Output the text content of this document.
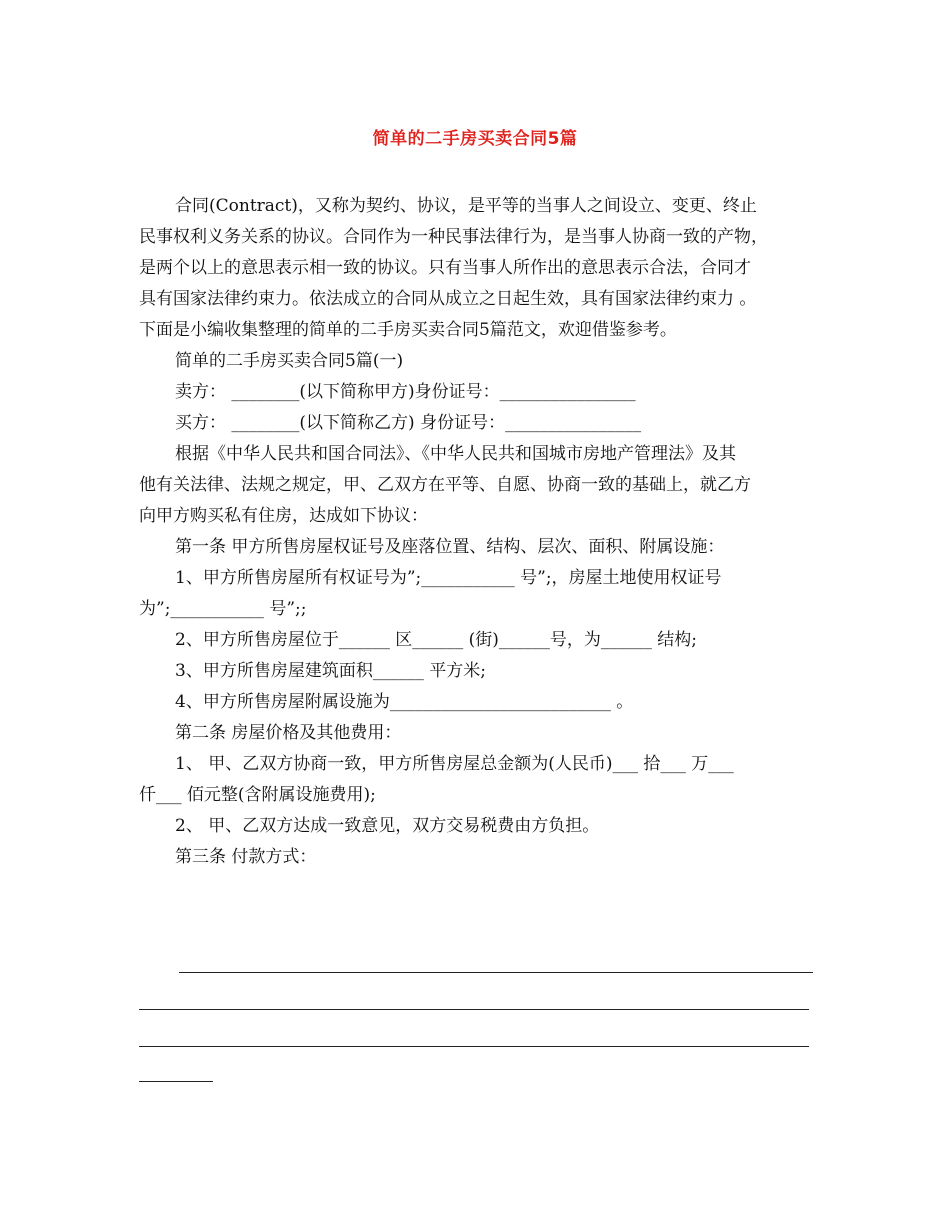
简单的二手房买卖合同5篇

合同(Contract)，又称为契约、协议，是平等的当事人之间设立、变更、终止

民事权利义务关系的协议。合同作为一种民事法律行为，是当事人协商一致的产物，

是两个以上的意思表示相一致的协议。只有当事人所作出的意思表示合法，合同才

具有国家法律约束力。依法成立的合同从成立之日起生效，具有国家法律约束力 。

下面是小编收集整理的简单的二手房买卖合同5篇范文，欢迎借鉴参考。

简单的二手房买卖合同5篇(一)

卖方： ________(以下简称甲方)身份证号：________________

买方： ________(以下简称乙方) 身份证号：________________

根据《中华人民共和国合同法》、《中华人民共和国城市房地产管理法》及其

他有关法律、法规之规定，甲、乙双方在平等、自愿、协商一致的基础上，就乙方

向甲方购买私有住房，达成如下协议：

第一条 甲方所售房屋权证号及座落位置、结构、层次、面积、附属设施：

1、甲方所售房屋所有权证号为”;___________ 号”;，房屋土地使用权证号

为”;___________ 号”;;

2、甲方所售房屋位于______ 区______ (街)______号，为______ 结构;

3、甲方所售房屋建筑面积______ 平方米;

4、甲方所售房屋附属设施为__________________________ 。

第二条 房屋价格及其他费用：

1、 甲、乙双方协商一致，甲方所售房屋总金额为(人民币)___ 拾___ 万___

仟___ 佰元整(含附属设施费用);

2、 甲、乙双方达成一致意见，双方交易税费由方负担。

第三条 付款方式：
